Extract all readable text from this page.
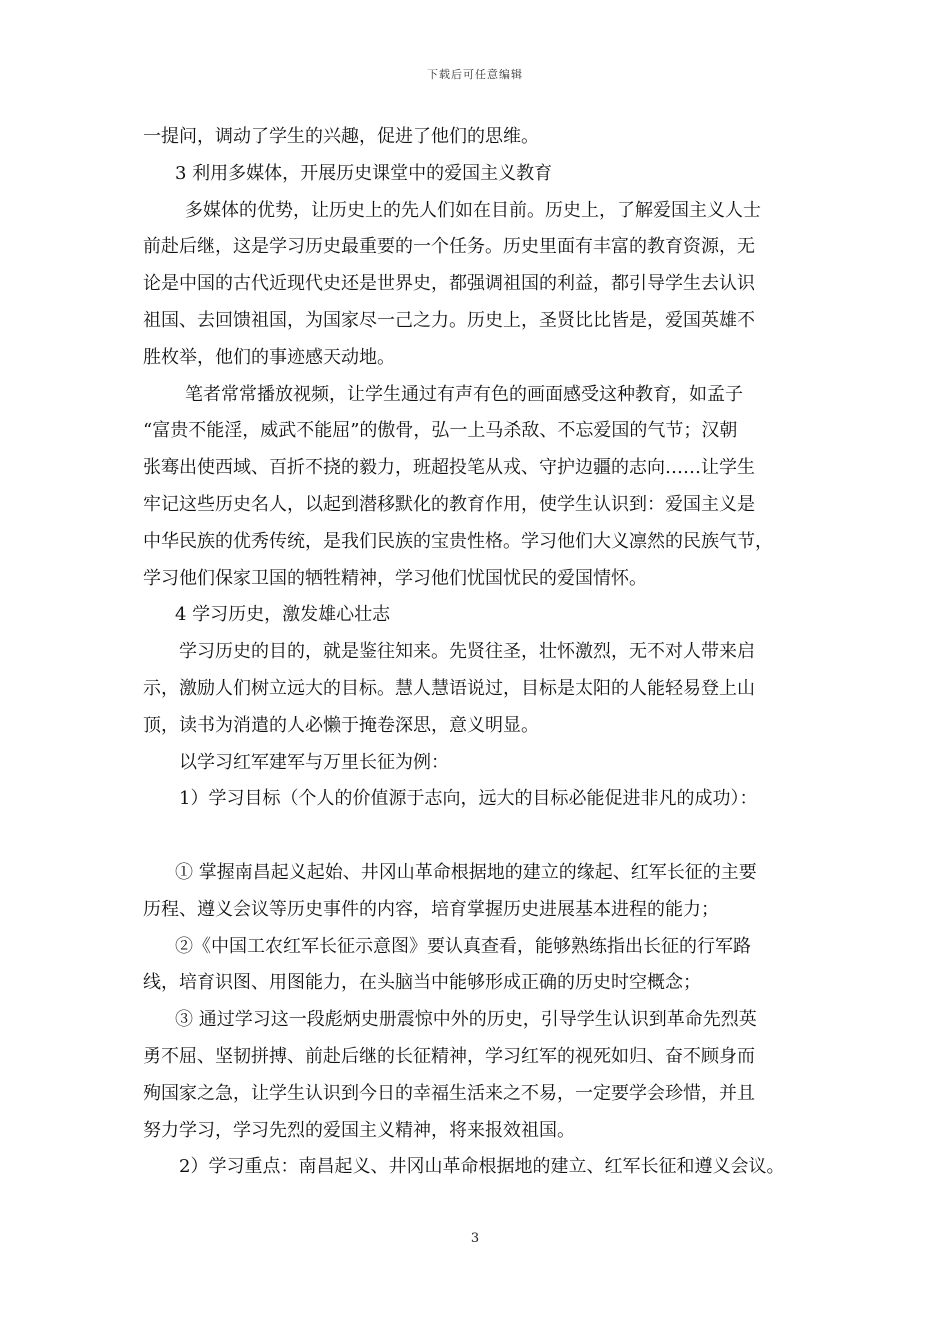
下载后可任意编辑
一提问，调动了学生的兴趣，促进了他们的思维。
3 利用多媒体，开展历史课堂中的爱国主义教育
多媒体的优势，让历史上的先人们如在目前。历史上，了解爱国主义人士
前赴后继，这是学习历史最重要的一个任务。历史里面有丰富的教育资源，无
论是中国的古代近现代史还是世界史，都强调祖国的利益，都引导学生去认识
祖国、去回馈祖国，为国家尽一己之力。历史上，圣贤比比皆是，爱国英雄不
胜枚举，他们的事迹感天动地。
笔者常常播放视频，让学生通过有声有色的画面感受这种教育，如孟子
“富贵不能淫，威武不能屈”的傲骨，弘一上马杀敌、不忘爱国的气节；汉朝
张骞出使西域、百折不挠的毅力，班超投笔从戎、守护边疆的志向……让学生
牢记这些历史名人，以起到潜移默化的教育作用，使学生认识到：爱国主义是
中华民族的优秀传统，是我们民族的宝贵性格。学习他们大义凛然的民族气节，
学习他们保家卫国的牺牲精神，学习他们忧国忧民的爱国情怀。
4 学习历史，激发雄心壮志
学习历史的目的，就是鉴往知来。先贤往圣，壮怀激烈，无不对人带来启
示，激励人们树立远大的目标。慧人慧语说过，目标是太阳的人能轻易登上山
顶，读书为消遣的人必懒于掩卷深思，意义明显。
以学习红军建军与万里长征为例：
1）学习目标（个人的价值源于志向，远大的目标必能促进非凡的成功）：
① 掌握南昌起义起始、井冈山革命根据地的建立的缘起、红军长征的主要
历程、遵义会议等历史事件的内容，培育掌握历史进展基本进程的能力；
②《中国工农红军长征示意图》要认真查看，能够熟练指出长征的行军路
线，培育识图、用图能力，在头脑当中能够形成正确的历史时空概念；
③ 通过学习这一段彪炳史册震惊中外的历史，引导学生认识到革命先烈英
勇不屈、坚韧拼搏、前赴后继的长征精神，学习红军的视死如归、奋不顾身而
殉国家之急，让学生认识到今日的幸福生活来之不易，一定要学会珍惜，并且
努力学习，学习先烈的爱国主义精神，将来报效祖国。
2）学习重点：南昌起义、井冈山革命根据地的建立、红军长征和遵义会议。
3
